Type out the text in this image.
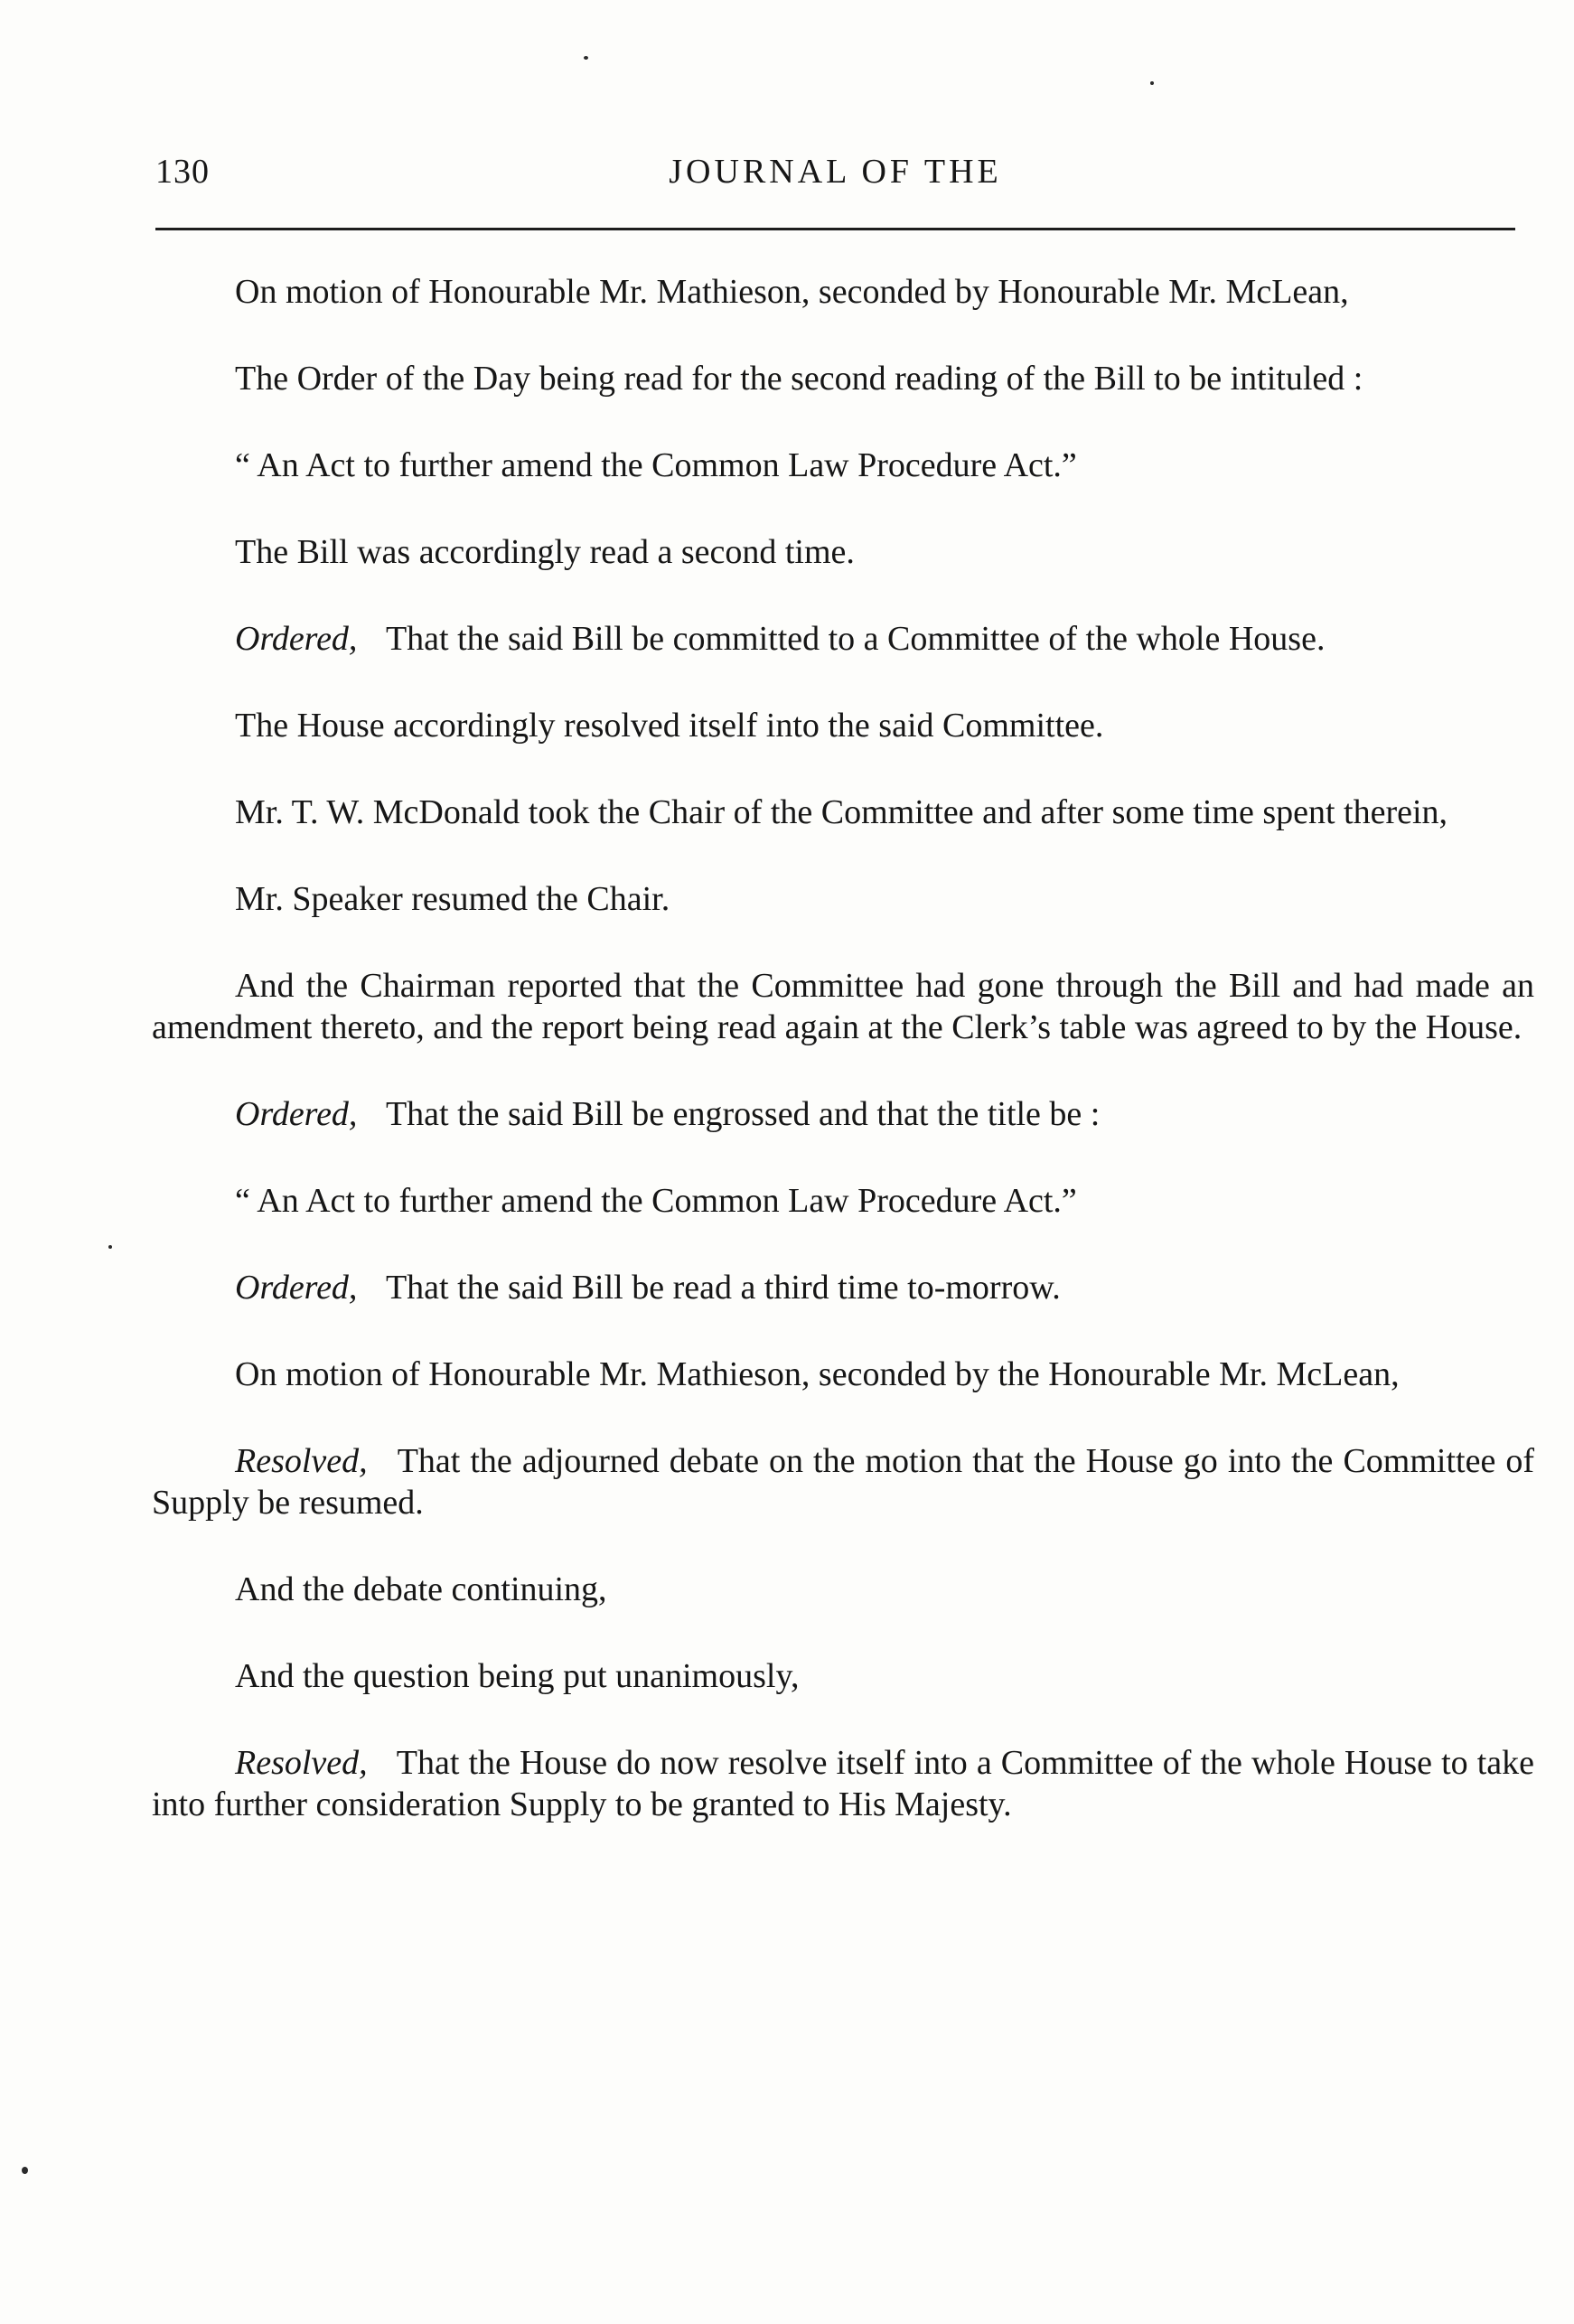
130	JOURNAL OF THE

On motion of Honourable Mr. Mathieson, seconded by Honourable Mr. McLean,

The Order of the Day being read for the second reading of the Bill to be intituled :

“ An Act to further amend the Common Law Procedure Act.”

The Bill was accordingly read a second time.

Ordered, That the said Bill be committed to a Committee of the whole House.

The House accordingly resolved itself into the said Committee.

Mr. T. W. McDonald took the Chair of the Committee and after some time spent therein,

Mr. Speaker resumed the Chair.

And the Chairman reported that the Committee had gone through the Bill and had made an amendment thereto, and the report being read again at the Clerk’s table was agreed to by the House.

Ordered, That the said Bill be engrossed and that the title be :

“ An Act to further amend the Common Law Procedure Act.”

Ordered, That the said Bill be read a third time to-morrow.

On motion of Honourable Mr. Mathieson, seconded by the Honourable Mr. McLean,

Resolved, That the adjourned debate on the motion that the House go into the Committee of Supply be resumed.

And the debate continuing,

And the question being put unanimously,

Resolved, That the House do now resolve itself into a Committee of the whole House to take into further consideration Supply to be granted to His Majesty.
